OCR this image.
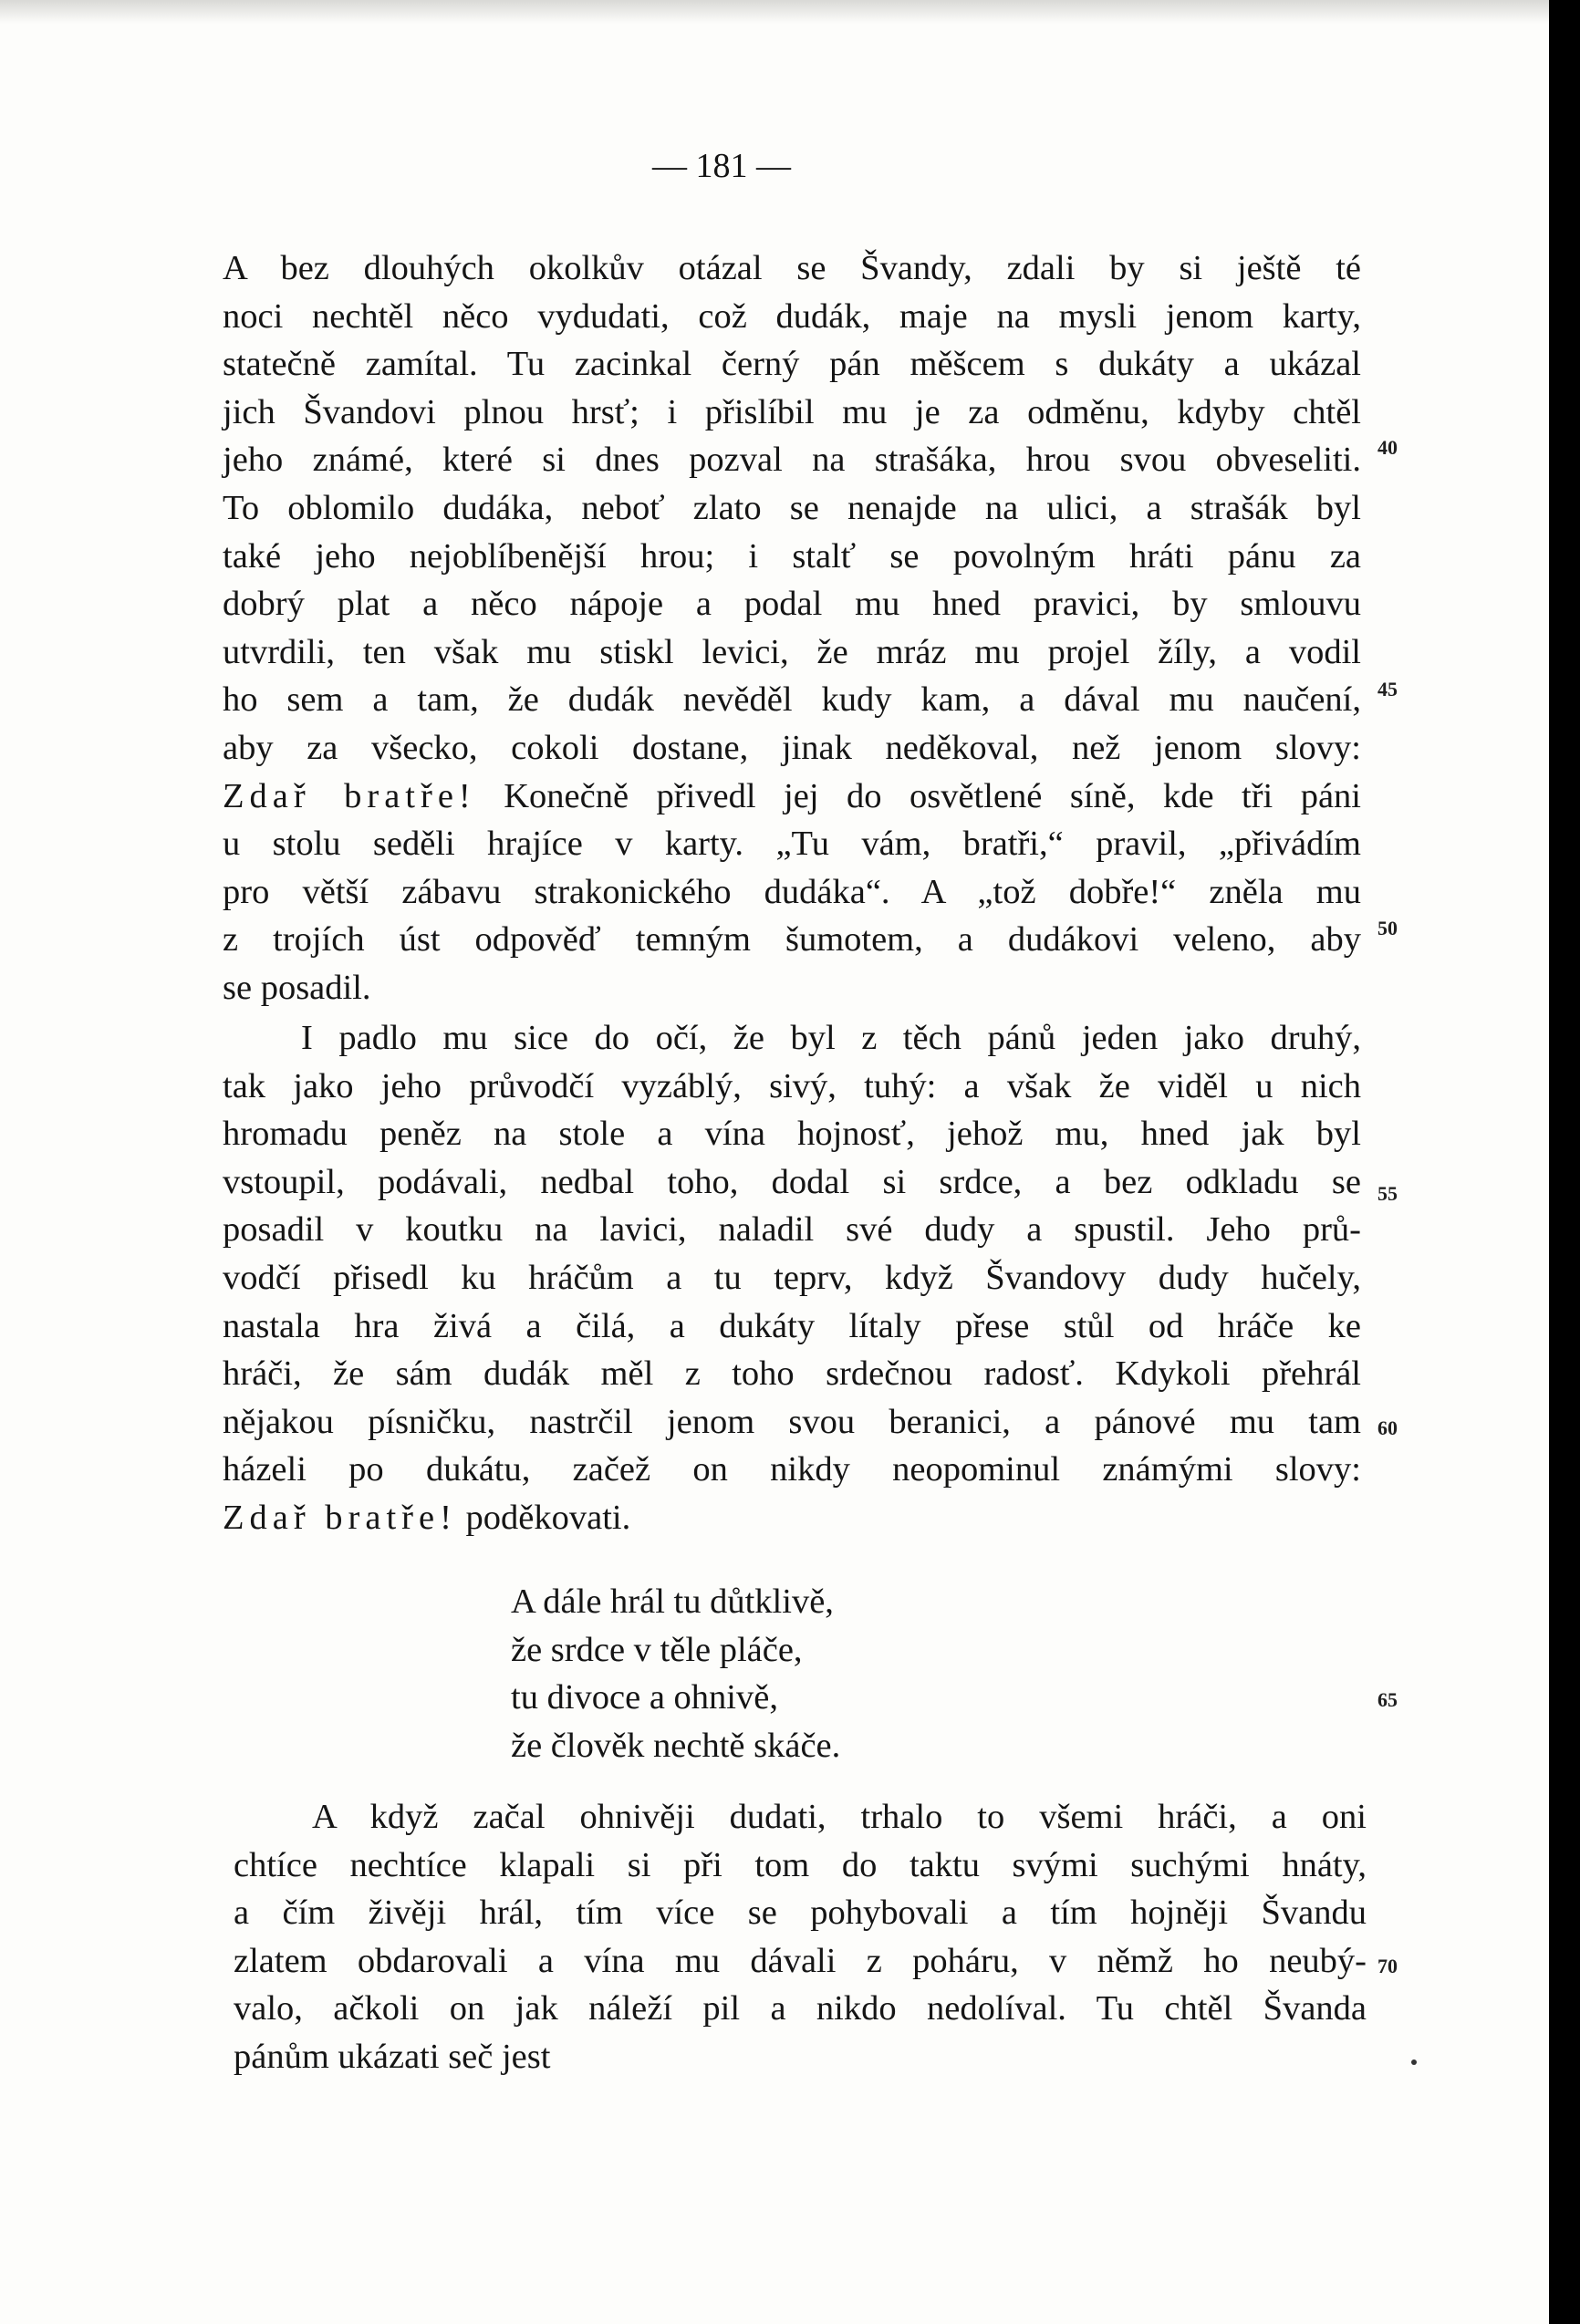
— 181 —
A bez dlouhých okolkův otázal se Švandy, zdali by si ještě té
noci nechtěl něco vydudati, což dudák, maje na mysli jenom karty,
statečně zamítal. Tu zacinkal černý pán měšcem s dukáty a ukázal
jich Švandovi plnou hrsť; i přislíbil mu je za odměnu, kdyby chtěl
jeho známé, které si dnes pozval na strašáka, hrou svou obveseliti.
To oblomilo dudáka, neboť zlato se nenajde na ulici, a strašák byl
také jeho nejoblíbenější hrou; i stalť se povolným hráti pánu za
dobrý plat a něco nápoje a podal mu hned pravici, by smlouvu
utvrdili, ten však mu stiskl levici, že mráz mu projel žíly, a vodil
ho sem a tam, že dudák nevěděl kudy kam, a dával mu naučení,
aby za všecko, cokoli dostane, jinak neděkoval, než jenom slovy:
Zdař bratře! Konečně přivedl jej do osvětlené síně, kde tři páni
u stolu seděli hrajíce v karty. „Tu vám, bratři,“ pravil, „přivádím
pro větší zábavu strakonického dudáka“. A „tož dobře!“ zněla mu
z trojích úst odpověď temným šumotem, a dudákovi veleno, aby
se posadil.
I padlo mu sice do očí, že byl z těch pánů jeden jako druhý,
tak jako jeho průvodčí vyzáblý, sivý, tuhý: a však že viděl u nich
hromadu peněz na stole a vína hojnosť, jehož mu, hned jak byl
vstoupil, podávali, nedbal toho, dodal si srdce, a bez odkladu se
posadil v koutku na lavici, naladil své dudy a spustil. Jeho prů-
vodčí přisedl ku hráčům a tu teprv, když Švandovy dudy hučely,
nastala hra živá a čilá, a dukáty lítaly přese stůl od hráče ke
hráči, že sám dudák měl z toho srdečnou radosť. Kdykoli přehrál
nějakou písničku, nastrčil jenom svou beranici, a pánové mu tam
házeli po dukátu, začež on nikdy neopominul známými slovy:
Zdař bratře! poděkovati.
A dále hrál tu důtklivě,
že srdce v těle pláče,
tu divoce a ohnivě,
že člověk nechtě skáče.
A když začal ohnivěji dudati, trhalo to všemi hráči, a oni
chtíce nechtíce klapali si při tom do taktu svými suchými hnáty,
a čím živěji hrál, tím více se pohybovali a tím hojněji Švandu
zlatem obdarovali a vína mu dávali z poháru, v němž ho neubý-
valo, ačkoli on jak náleží pil a nikdo nedolíval. Tu chtěl Švanda
pánům ukázati seč jest
40
45
50
55
60
65
70
